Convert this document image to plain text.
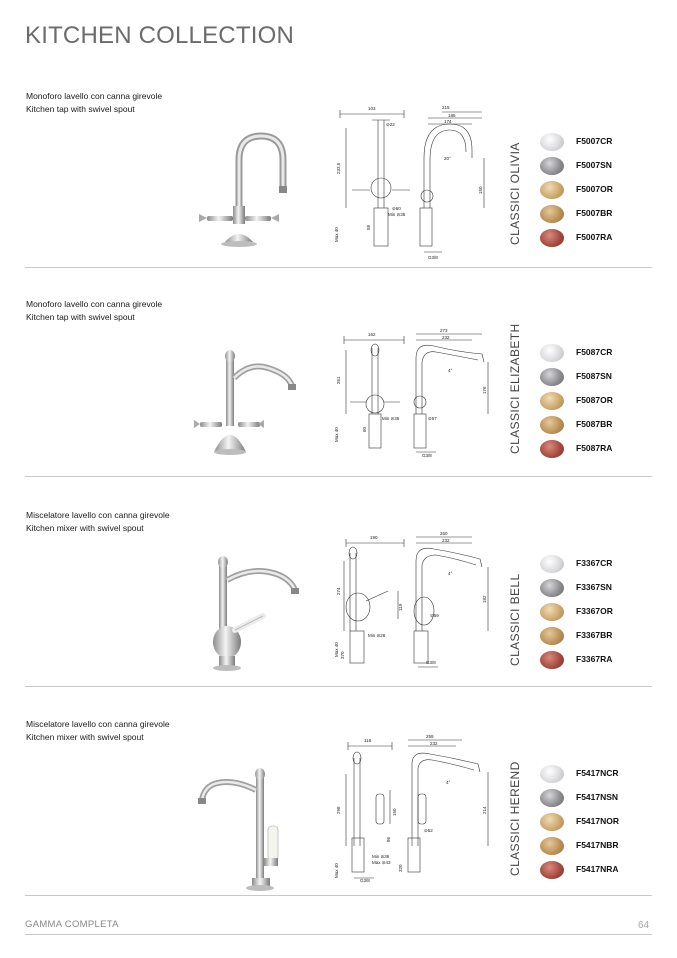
KITCHEN COLLECTION
Monoforo lavello con canna girevole
Kitchen tap with swivel spout	103
⊘22
233,5
⊘60
Min ⊘35
Max 40	58
215
185
174
20°
150
G3/8
CLASSICI OLIVIA
F5007CR
F5007SN
F5007OR
F5007BR
F5007RA
Monoforo lavello con canna girevole
Kitchen tap with swivel spout
162
261
Min ⊘35
Max 40	60
273
232
4°
176
⊘57
G3/8
CLASSICI ELIZABETH	F5087CR
F5087SN
F5087OR
F5087BR
F5087RA
Miscelatore lavello con canna girevole
Kitchen mixer with swivel spout
190
274
119
Min ⊘28
Max 40 370
260
232
4°
182
⊘59
G3/8	CLASSICI BELL
F3367CR
F3367SN
F3367OR
F3367BR
F3367RA
Miscelatore lavello con canna girevole
Kitchen mixer with swivel spout	118
298	150
86
Min ⊘36
Max ⊘43
Max 40	320
259
232
4°
214
⊘52
G3/8
CLASSICI HEREND	F5417NCR
F5417NSN
F5417NOR
F5417NBR
F5417NRA
GAMMA COMPLETA	64
